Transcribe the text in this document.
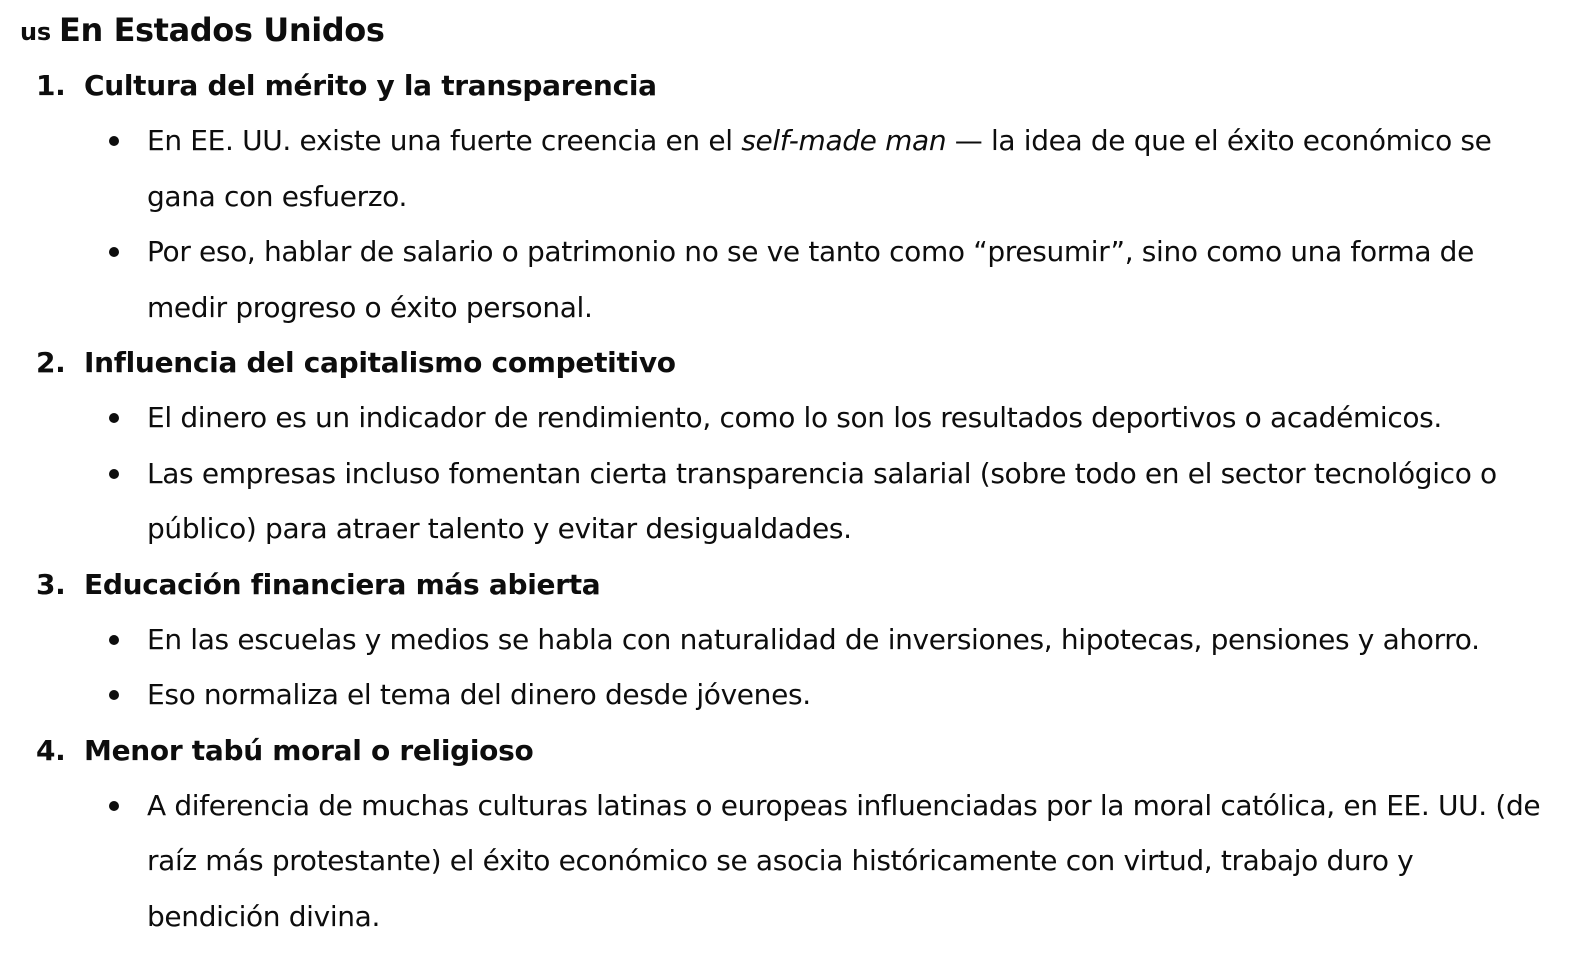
us En Estados Unidos
1. Cultura del mérito y la transparencia
En EE. UU. existe una fuerte creencia en el self-made man — la idea de que el éxito económico se gana con esfuerzo.
Por eso, hablar de salario o patrimonio no se ve tanto como “presumir”, sino como una forma de medir progreso o éxito personal.
2. Influencia del capitalismo competitivo
El dinero es un indicador de rendimiento, como lo son los resultados deportivos o académicos.
Las empresas incluso fomentan cierta transparencia salarial (sobre todo en el sector tecnológico o público) para atraer talento y evitar desigualdades.
3. Educación financiera más abierta
En las escuelas y medios se habla con naturalidad de inversiones, hipotecas, pensiones y ahorro.
Eso normaliza el tema del dinero desde jóvenes.
4. Menor tabú moral o religioso
A diferencia de muchas culturas latinas o europeas influenciadas por la moral católica, en EE. UU. (de raíz más protestante) el éxito económico se asocia históricamente con virtud, trabajo duro y bendición divina.
